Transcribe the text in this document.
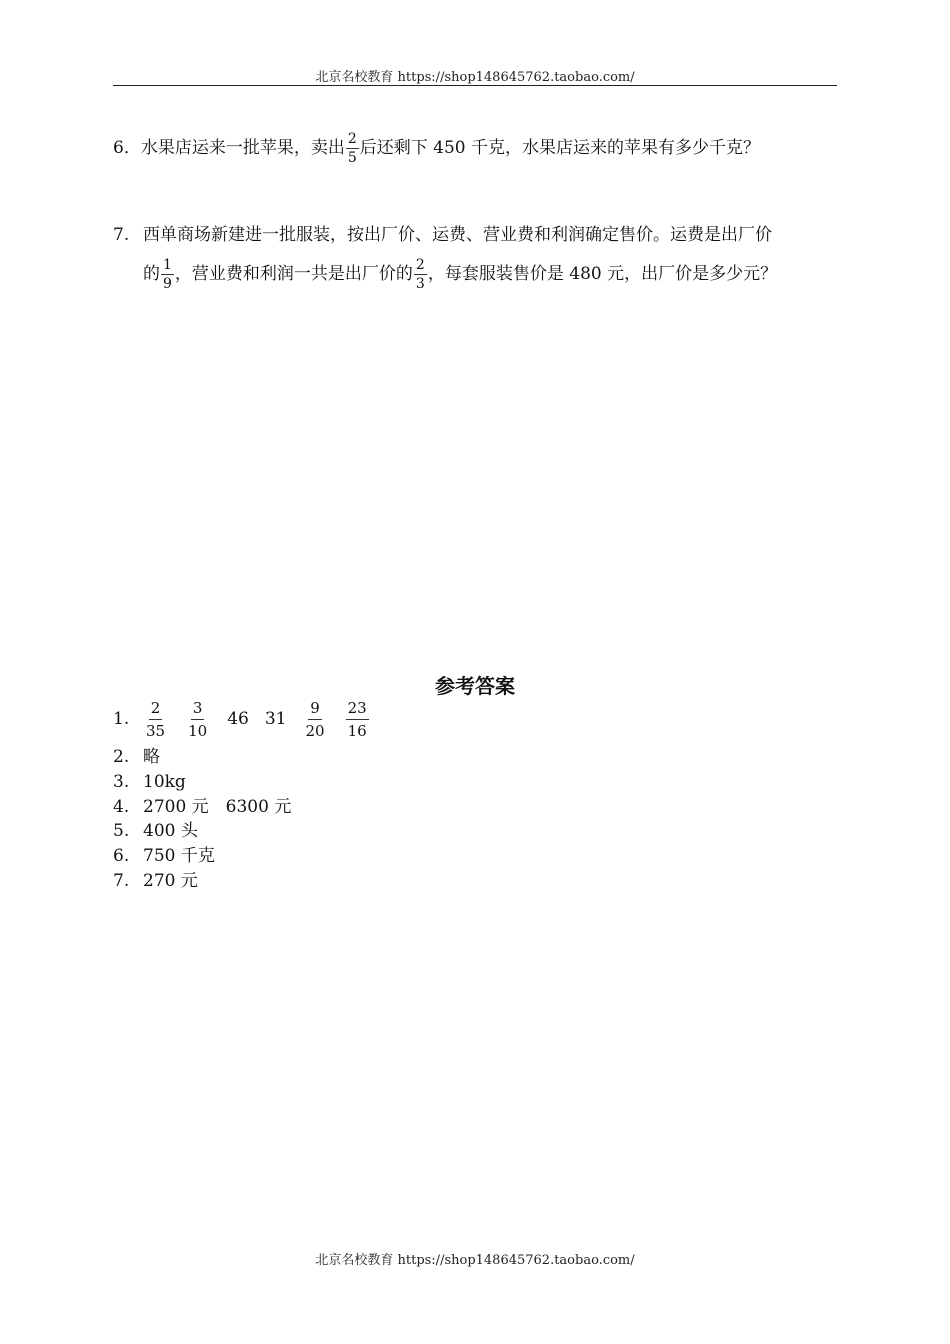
北京名校教育 https://shop148645762.taobao.com/
6．水果店运来一批苹果，卖出 $\frac{2}{5}$ 后还剩下 450 千克，水果店运来的苹果有多少千克？
7. 西单商场新建进一批服装，按出厂价、运费、营业费和利润确定售价。运费是出厂价
的 $\frac{1}{9}$ ，营业费和利润一共是出厂价的 $\frac{2}{3}$ ，每套服装售价是 480 元，出厂价是多少元？
参考答案
1. $\frac{2}{35} \frac{3}{10} 46$ $31 \frac{9}{20} \frac{23}{16}$
2. 略
3. 10kg
4. 2700 元　6300 元
5. 400 头
6. 750 千克
7. 270 元
北京名校教育 https://shop148645762.taobao.com/
